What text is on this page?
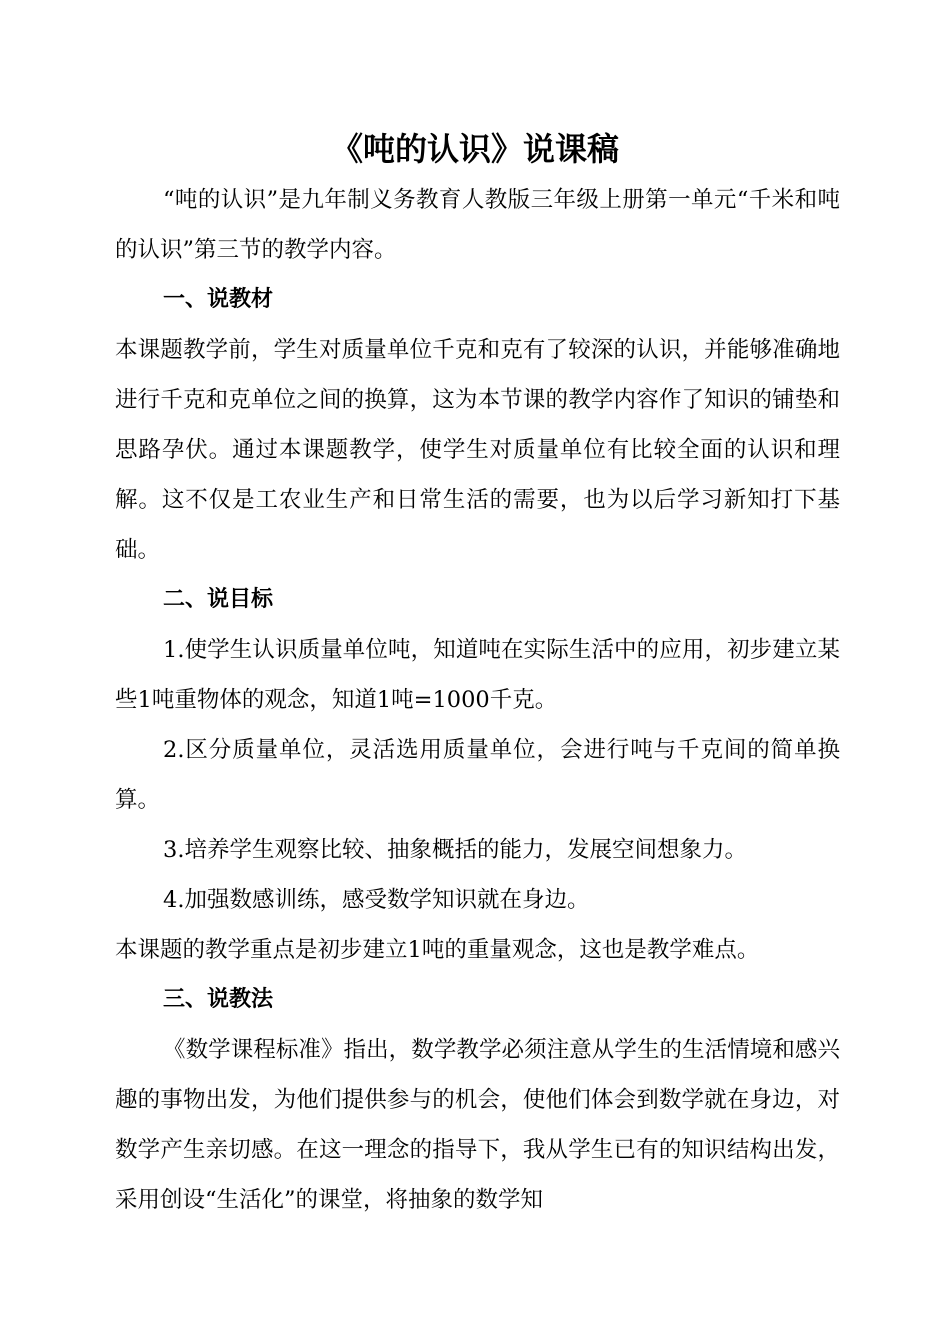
《吨的认识》说课稿

“吨的认识”是九年制义务教育人教版三年级上册第一单元“千米和吨的认识”第三节的教学内容。

一、说教材

本课题教学前，学生对质量单位千克和克有了较深的认识，并能够准确地进行千克和克单位之间的换算，这为本节课的教学内容作了知识的铺垫和思路孕伏。通过本课题教学，使学生对质量单位有比较全面的认识和理解。这不仅是工农业生产和日常生活的需要，也为以后学习新知打下基础。

二、说目标

1.使学生认识质量单位吨，知道吨在实际生活中的应用，初步建立某些1吨重物体的观念，知道1吨=1000千克。

2.区分质量单位，灵活选用质量单位，会进行吨与千克间的简单换算。

3.培养学生观察比较、抽象概括的能力，发展空间想象力。

4.加强数感训练，感受数学知识就在身边。

本课题的教学重点是初步建立1吨的重量观念，这也是教学难点。

三、说教法

《数学课程标准》指出，数学教学必须注意从学生的生活情境和感兴趣的事物出发，为他们提供参与的机会，使他们体会到数学就在身边，对数学产生亲切感。在这一理念的指导下，我从学生已有的知识结构出发，采用创设“生活化”的课堂，将抽象的数学知
